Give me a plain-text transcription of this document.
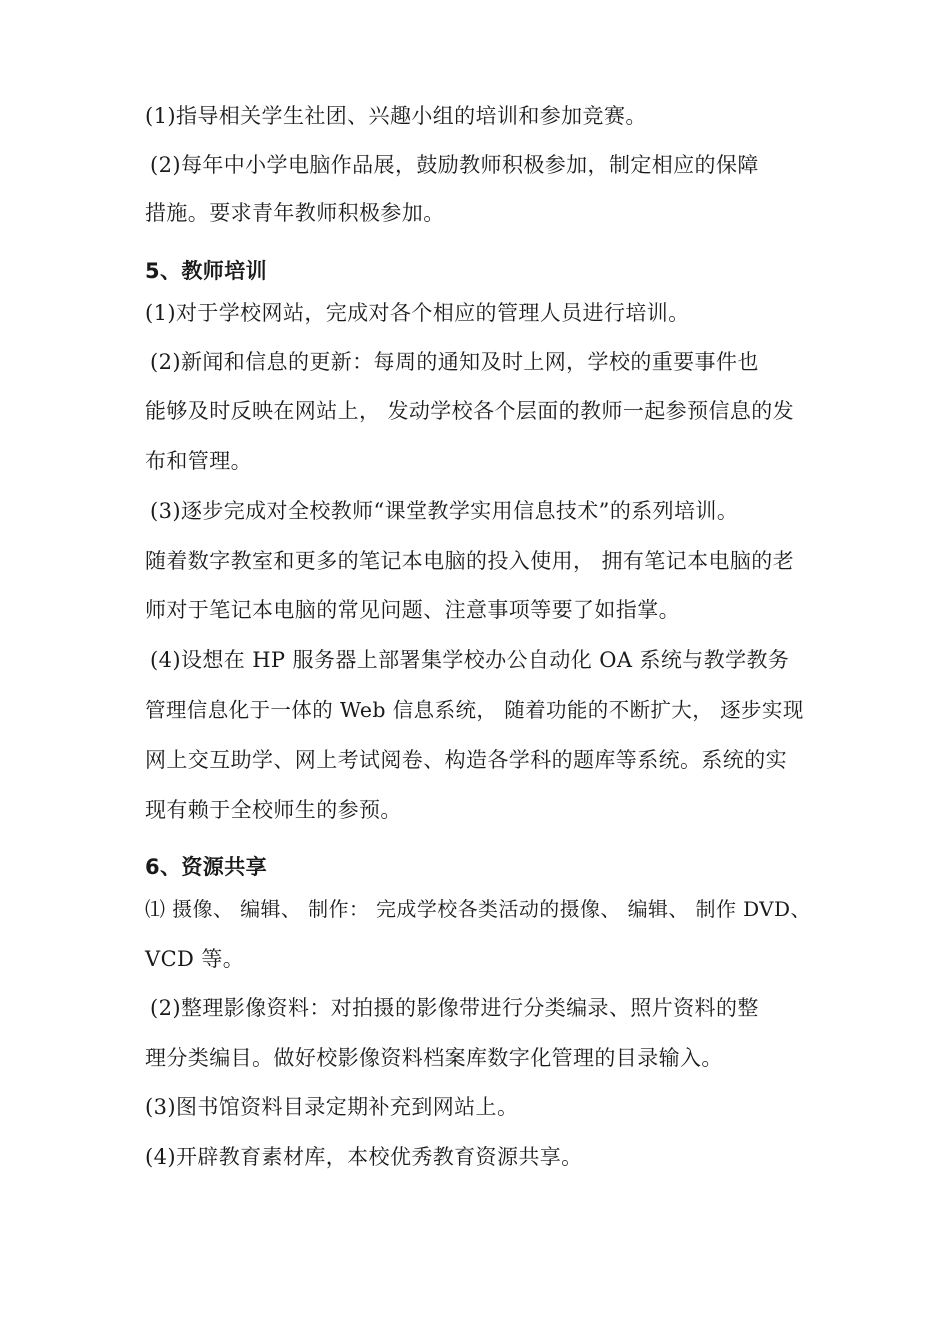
(1)指导相关学生社团、兴趣小组的培训和参加竞赛。
(2)每年中小学电脑作品展，鼓励教师积极参加，制定相应的保障
措施。要求青年教师积极参加。
5、教师培训
(1)对于学校网站，完成对各个相应的管理人员进行培训。
(2)新闻和信息的更新：每周的通知及时上网，学校的重要事件也
能够及时反映在网站上， 发动学校各个层面的教师一起参预信息的发
布和管理。
(3)逐步完成对全校教师“课堂教学实用信息技术”的系列培训。
随着数字教室和更多的笔记本电脑的投入使用， 拥有笔记本电脑的老
师对于笔记本电脑的常见问题、注意事项等要了如指掌。
(4)设想在 HP 服务器上部署集学校办公自动化 OA 系统与教学教务
管理信息化于一体的 Web 信息系统， 随着功能的不断扩大， 逐步实现
网上交互助学、网上考试阅卷、构造各学科的题库等系统。系统的实
现有赖于全校师生的参预。
6、资源共享
⑴ 摄像、 编辑、 制作： 完成学校各类活动的摄像、 编辑、 制作 DVD、
VCD 等。
(2)整理影像资料：对拍摄的影像带进行分类编录、照片资料的整
理分类编目。做好校影像资料档案库数字化管理的目录输入。
(3)图书馆资料目录定期补充到网站上。
(4)开辟教育素材库，本校优秀教育资源共享。
